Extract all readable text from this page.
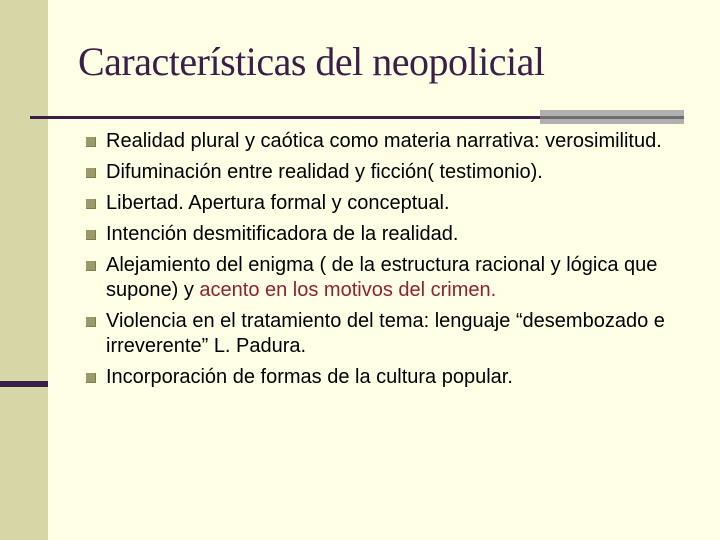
Características del neopolicial
Realidad plural y caótica como materia narrativa: verosimilitud.
Difuminación entre realidad y ficción( testimonio).
Libertad. Apertura formal y conceptual.
Intención desmitificadora de la realidad.
Alejamiento del enigma ( de la estructura racional y lógica que supone) y acento en los motivos del crimen.
Violencia en el tratamiento del tema: lenguaje “desembozado e irreverente” L. Padura.
Incorporación de formas de la cultura popular.
